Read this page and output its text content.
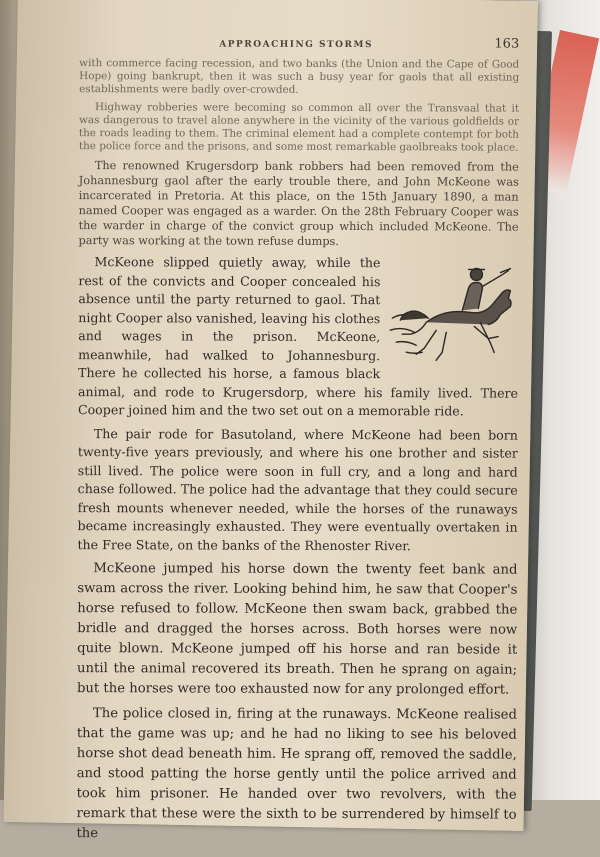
APPROACHING STORMS	163

with commerce facing recession, and two banks (the Union and the Cape of Good Hope) going bankrupt, then it was such a busy year for gaols that all existing establishments were badly over-crowded.

Highway robberies were becoming so common all over the Transvaal that it was dangerous to travel alone anywhere in the vicinity of the various goldfields or the roads leading to them. The criminal element had a complete contempt for both the police force and the prisons, and some most remarkable gaolbreaks took place.

The renowned Krugersdorp bank robbers had been removed from the Johannesburg gaol after the early trouble there, and John McKeone was incarcerated in Pretoria. At this place, on the 15th January 1890, a man named Cooper was engaged as a warder. On the 28th February Cooper was the warder in charge of the convict group which included McKeone. The party was working at the town refuse dumps.

McKeone slipped quietly away, while the rest of the convicts and Cooper concealed his absence until the party returned to gaol. That night Cooper also vanished, leaving his clothes and wages in the prison. McKeone, meanwhile, had walked to Johannesburg. There he collected his horse, a famous black animal, and rode to Krugersdorp, where his family lived. There Cooper joined him and the two set out on a memorable ride.

The pair rode for Basutoland, where McKeone had been born twenty-five years previously, and where his one brother and sister still lived. The police were soon in full cry, and a long and hard chase followed. The police had the advantage that they could secure fresh mounts whenever needed, while the horses of the runaways became increasingly exhausted. They were eventually overtaken in the Free State, on the banks of the Rhenoster River.

McKeone jumped his horse down the twenty feet bank and swam across the river. Looking behind him, he saw that Cooper's horse refused to follow. McKeone then swam back, grabbed the bridle and dragged the horses across. Both horses were now quite blown. McKeone jumped off his horse and ran beside it until the animal recovered its breath. Then he sprang on again; but the horses were too exhausted now for any prolonged effort.

The police closed in, firing at the runaways. McKeone realised that the game was up; and he had no liking to see his beloved horse shot dead beneath him. He sprang off, removed the saddle, and stood patting the horse gently until the police arrived and took him prisoner. He handed over two revolvers, with the remark that these were the sixth to be surrendered by himself to the
